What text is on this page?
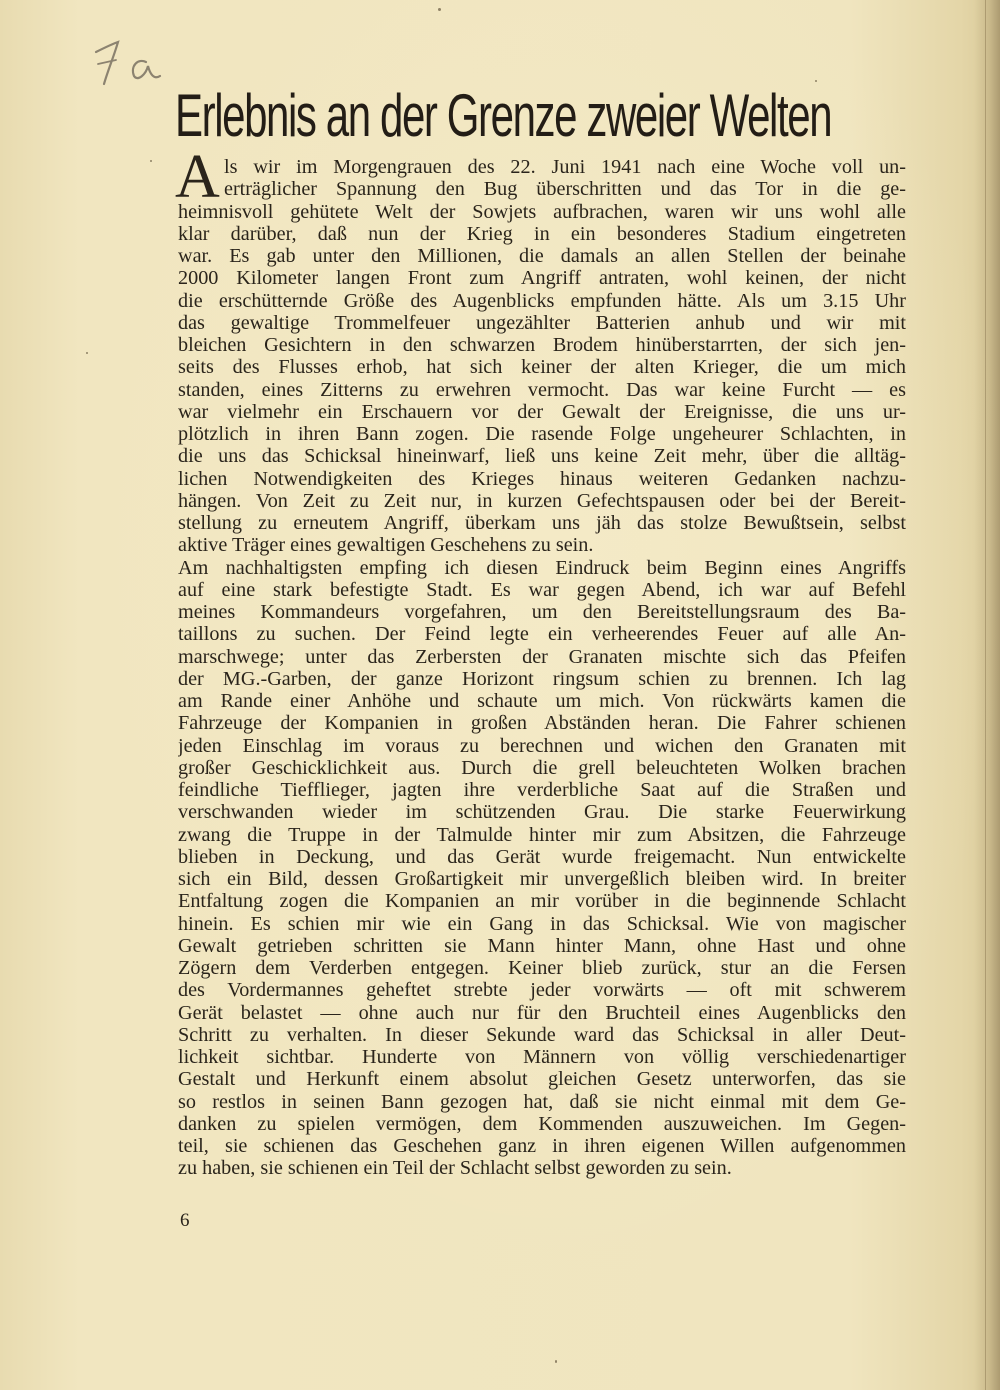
Erlebnis an der Grenze zweier Welten
A ls wir im Morgengrauen des 22. Juni 1941 nach eine Woche voll un-
erträglicher Spannung den Bug überschritten und das Tor in die ge-
heimnisvoll gehütete Welt der Sowjets aufbrachen, waren wir uns wohl alle
klar darüber, daß nun der Krieg in ein besonderes Stadium eingetreten
war. Es gab unter den Millionen, die damals an allen Stellen der beinahe
2000 Kilometer langen Front zum Angriff antraten, wohl keinen, der nicht
die erschütternde Größe des Augenblicks empfunden hätte. Als um 3.15 Uhr
das gewaltige Trommelfeuer ungezählter Batterien anhub und wir mit
bleichen Gesichtern in den schwarzen Brodem hinüberstarrten, der sich jen-
seits des Flusses erhob, hat sich keiner der alten Krieger, die um mich
standen, eines Zitterns zu erwehren vermocht. Das war keine Furcht — es
war vielmehr ein Erschauern vor der Gewalt der Ereignisse, die uns ur-
plötzlich in ihren Bann zogen. Die rasende Folge ungeheurer Schlachten, in
die uns das Schicksal hineinwarf, ließ uns keine Zeit mehr, über die alltäg-
lichen Notwendigkeiten des Krieges hinaus weiteren Gedanken nachzu-
hängen. Von Zeit zu Zeit nur, in kurzen Gefechtspausen oder bei der Bereit-
stellung zu erneutem Angriff, überkam uns jäh das stolze Bewußtsein, selbst
aktive Träger eines gewaltigen Geschehens zu sein.
Am nachhaltigsten empfing ich diesen Eindruck beim Beginn eines Angriffs
auf eine stark befestigte Stadt. Es war gegen Abend, ich war auf Befehl
meines Kommandeurs vorgefahren, um den Bereitstellungsraum des Ba-
taillons zu suchen. Der Feind legte ein verheerendes Feuer auf alle An-
marschwege; unter das Zerbersten der Granaten mischte sich das Pfeifen
der MG.-Garben, der ganze Horizont ringsum schien zu brennen. Ich lag
am Rande einer Anhöhe und schaute um mich. Von rückwärts kamen die
Fahrzeuge der Kompanien in großen Abständen heran. Die Fahrer schienen
jeden Einschlag im voraus zu berechnen und wichen den Granaten mit
großer Geschicklichkeit aus. Durch die grell beleuchteten Wolken brachen
feindliche Tiefflieger, jagten ihre verderbliche Saat auf die Straßen und
verschwanden wieder im schützenden Grau. Die starke Feuerwirkung
zwang die Truppe in der Talmulde hinter mir zum Absitzen, die Fahrzeuge
blieben in Deckung, und das Gerät wurde freigemacht. Nun entwickelte
sich ein Bild, dessen Großartigkeit mir unvergeßlich bleiben wird. In breiter
Entfaltung zogen die Kompanien an mir vorüber in die beginnende Schlacht
hinein. Es schien mir wie ein Gang in das Schicksal. Wie von magischer
Gewalt getrieben schritten sie Mann hinter Mann, ohne Hast und ohne
Zögern dem Verderben entgegen. Keiner blieb zurück, stur an die Fersen
des Vordermannes geheftet strebte jeder vorwärts — oft mit schwerem
Gerät belastet — ohne auch nur für den Bruchteil eines Augenblicks den
Schritt zu verhalten. In dieser Sekunde ward das Schicksal in aller Deut-
lichkeit sichtbar. Hunderte von Männern von völlig verschiedenartiger
Gestalt und Herkunft einem absolut gleichen Gesetz unterworfen, das sie
so restlos in seinen Bann gezogen hat, daß sie nicht einmal mit dem Ge-
danken zu spielen vermögen, dem Kommenden auszuweichen. Im Gegen-
teil, sie schienen das Geschehen ganz in ihren eigenen Willen aufgenommen
zu haben, sie schienen ein Teil der Schlacht selbst geworden zu sein.
6
